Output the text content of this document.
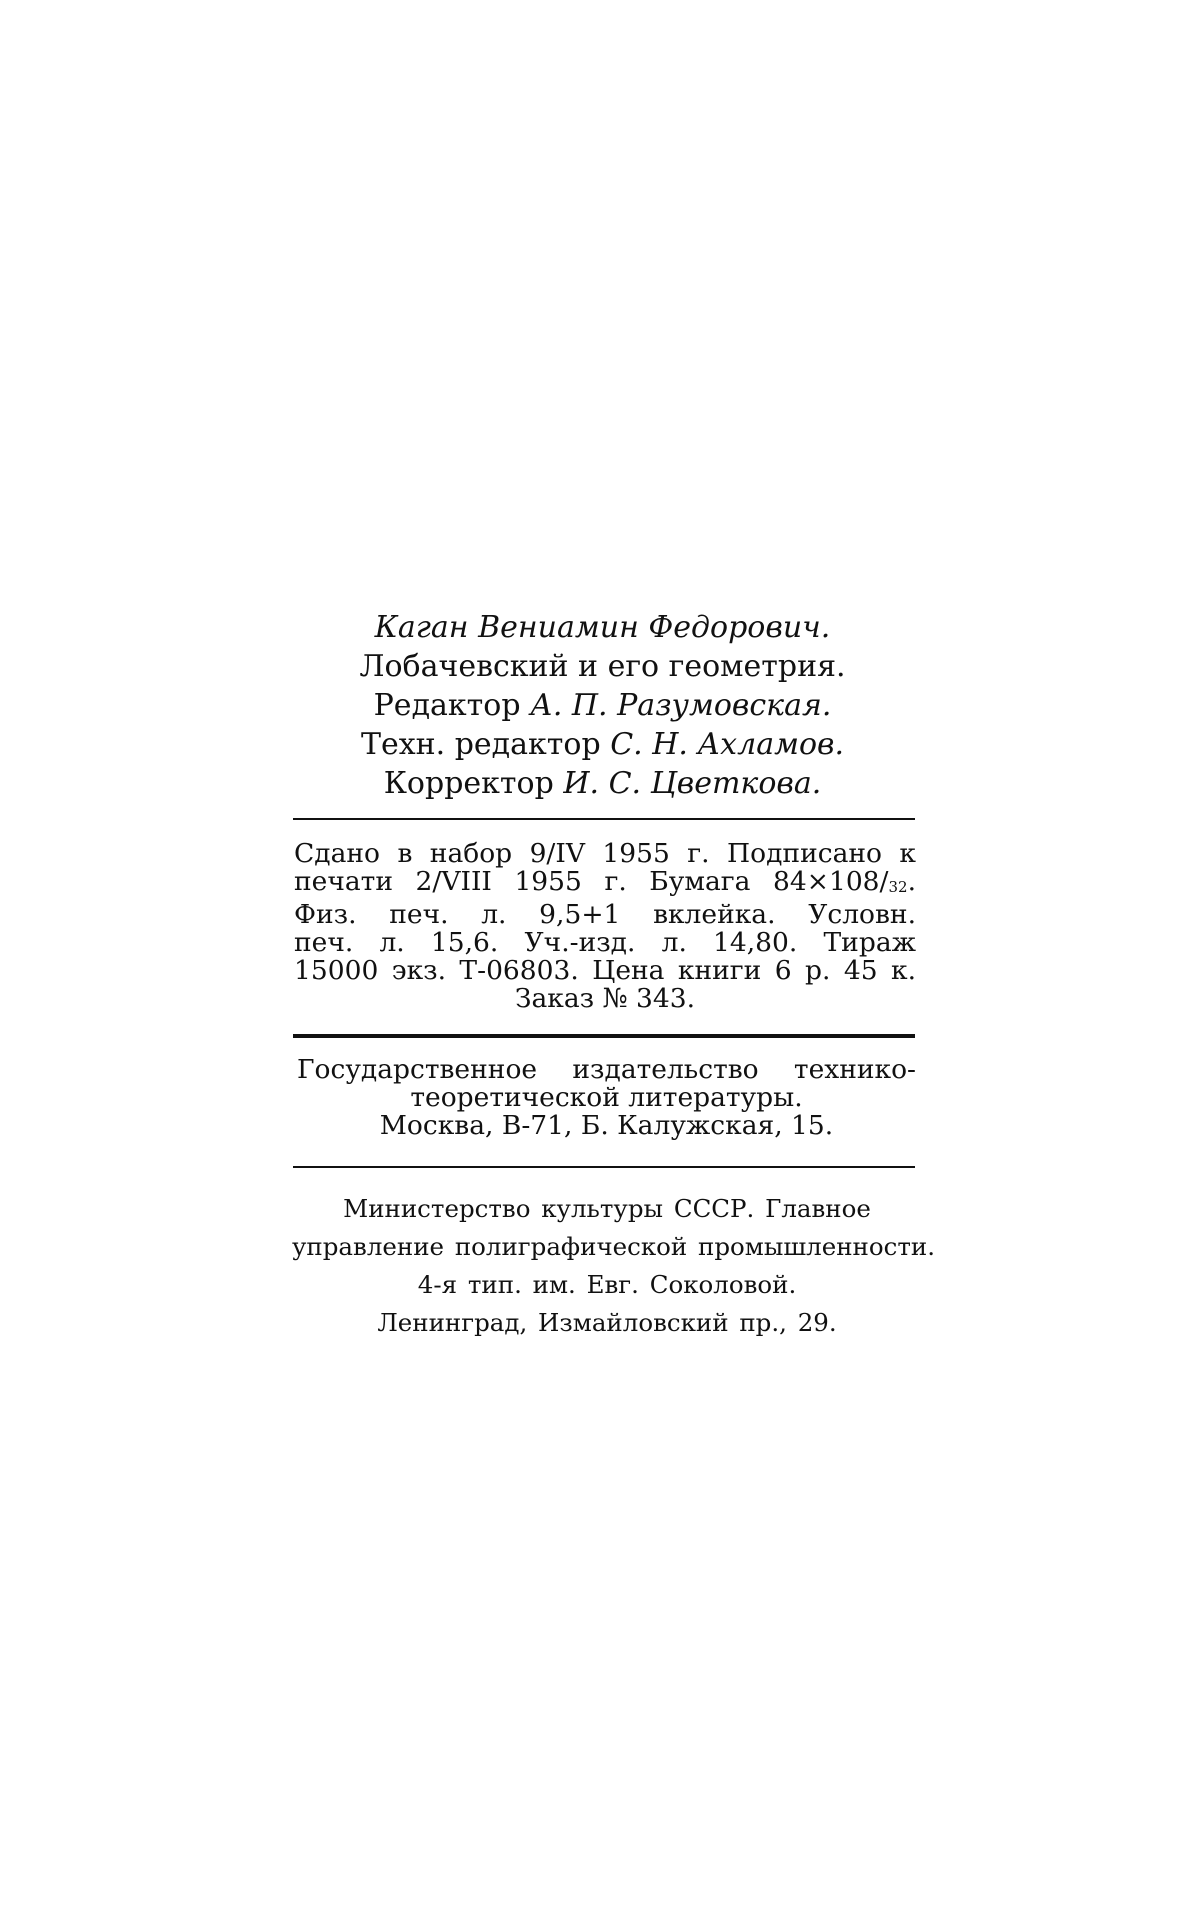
Каган Вениамин Федорович.
Лобачевский и его геометрия.
Редактор А. П. Разумовская.
Техн. редактор С. Н. Ахламов.
Корректор И. С. Цветкова.
Сдано в набор 9/IV 1955 г. Подписано к
печати 2/VIII 1955 г. Бумага $84\times 108/_{32}$.
Физ. печ. л. 9,5+1 вклейка. Условн.
печ. л. 15,6. Уч.-изд. л. 14,80. Тираж
15000 экз. Т-06803. Цена книги 6 р. 45 к.
Заказ № 343.
Государственное издательство технико-
теоретической литературы.
Москва, В-71, Б. Калужская, 15.
Министерство культуры СССР. Главное
управление полиграфической промышленности.
4-я тип. им. Евг. Соколовой.
Ленинград, Измайловский пр., 29.
